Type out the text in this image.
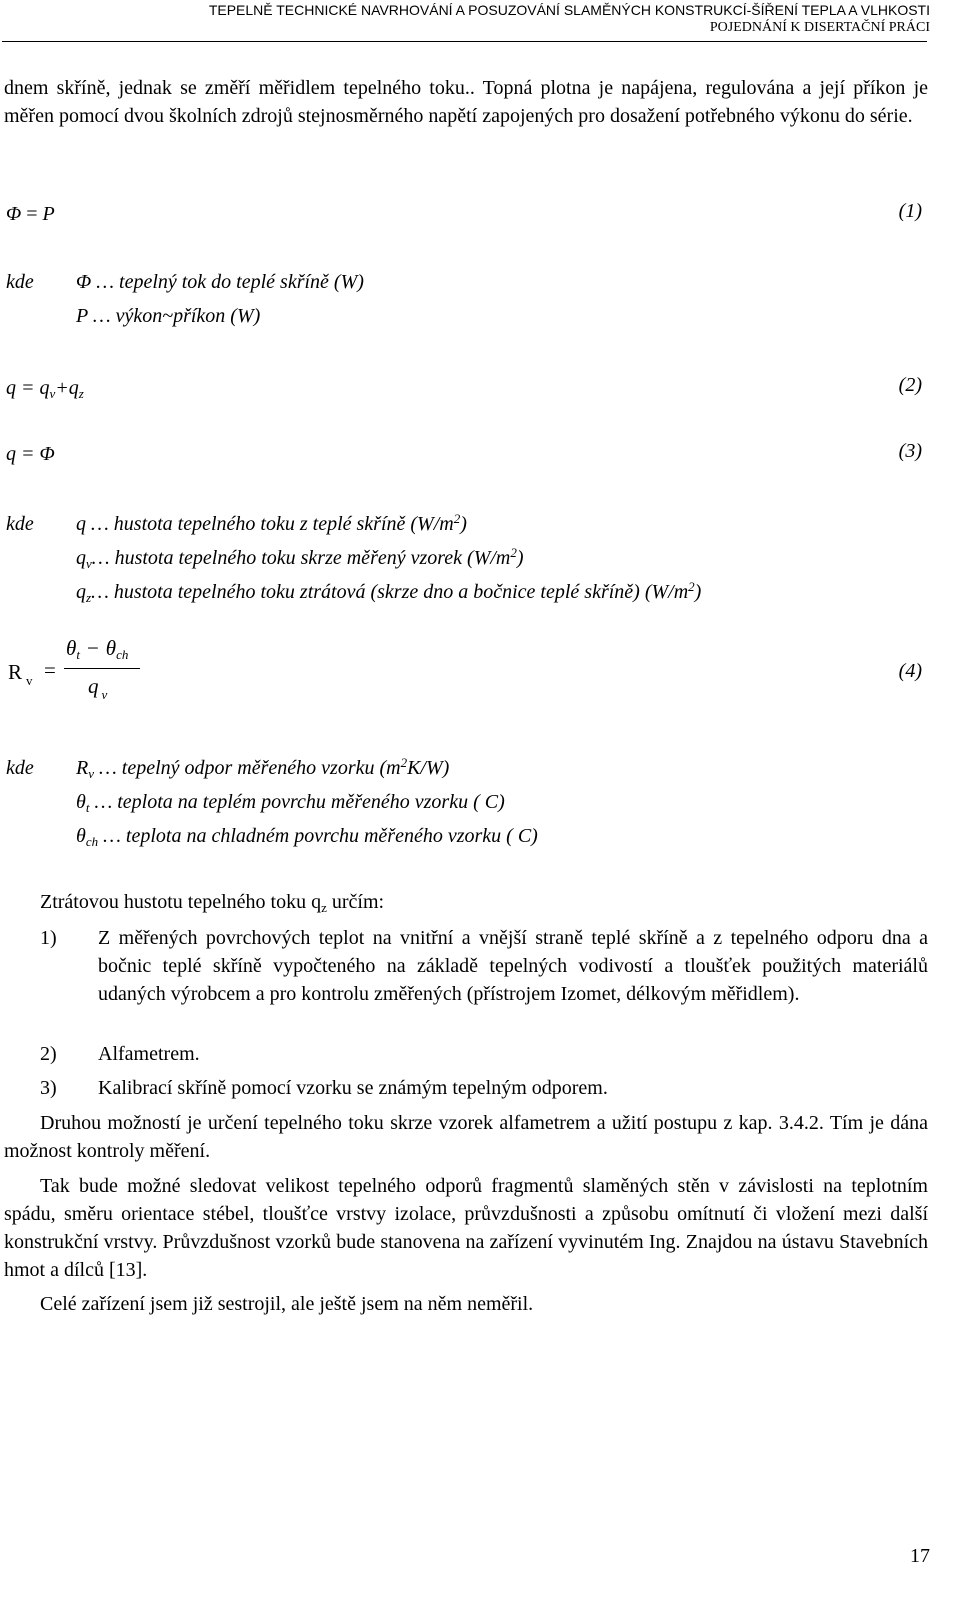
TEPELNĚ TECHNICKÉ NAVRHOVÁNÍ A POSUZOVÁNÍ SLAMĚNÝCH KONSTRUKCÍ-ŠÍŘENÍ TEPLA A VLHKOSTI
POJEDNÁNÍ K DISERTAČNÍ PRÁCI
dnem skříně, jednak se změří měřidlem tepelného toku.. Topná plotna je napájena, regulována a její příkon je měřen pomocí dvou školních zdrojů stejnosměrného napětí zapojených pro dosažení potřebného výkonu do série.
Φ = P	(1)
kde Φ … tepelný tok do teplé skříně (W)
P … výkon~příkon (W)
$q = q_v+q_z$	(2)
q = Φ	(3)
kde q … hustota tepelného toku z teplé skříně $(W/m^2)$
$q_v\dots$ hustota tepelného toku skrze měřený vzorek $(W/m^2)$
$q_z\dots$ hustota tepelného toku ztrátová (skrze dno a bočnice teplé skříně) $(W/m^2)$
R $_v$ =
θt − θch
q $_v$
(4)
kde $R_v$ … tepelný odpor měřeného vzorku $(m^2K/W)$
$\theta_t$ … teplota na teplém povrchu měřeného vzorku ( C)
$\theta_{ch}$ … teplota na chladném povrchu měřeného vzorku ( C)
Ztrátovou hustotu tepelného toku $q_z$ určím:
1) Z měřených povrchových teplot na vnitřní a vnější straně teplé skříně a z tepelného odporu dna a bočnic teplé skříně vypočteného na základě tepelných vodivostí a tloušťek použitých materiálů udaných výrobcem a pro kontrolu změřených (přístrojem Izomet, délkovým měřidlem).
2) Alfametrem.
3) Kalibrací skříně pomocí vzorku se známým tepelným odporem.
Druhou možností je určení tepelného toku skrze vzorek alfametrem a užití postupu z kap. 3.4.2. Tím je dána možnost kontroly měření.
Tak bude možné sledovat velikost tepelného odporů fragmentů slaměných stěn v závislosti na teplotním spádu, směru orientace stébel, tloušťce vrstvy izolace, průvzdušnosti a způsobu omítnutí či vložení mezi další konstrukční vrstvy. Průvzdušnost vzorků bude stanovena na zařízení vyvinutém Ing. Znajdou na ústavu Stavebních hmot a dílců [13].
Celé zařízení jsem již sestrojil, ale ještě jsem na něm neměřil.
17
